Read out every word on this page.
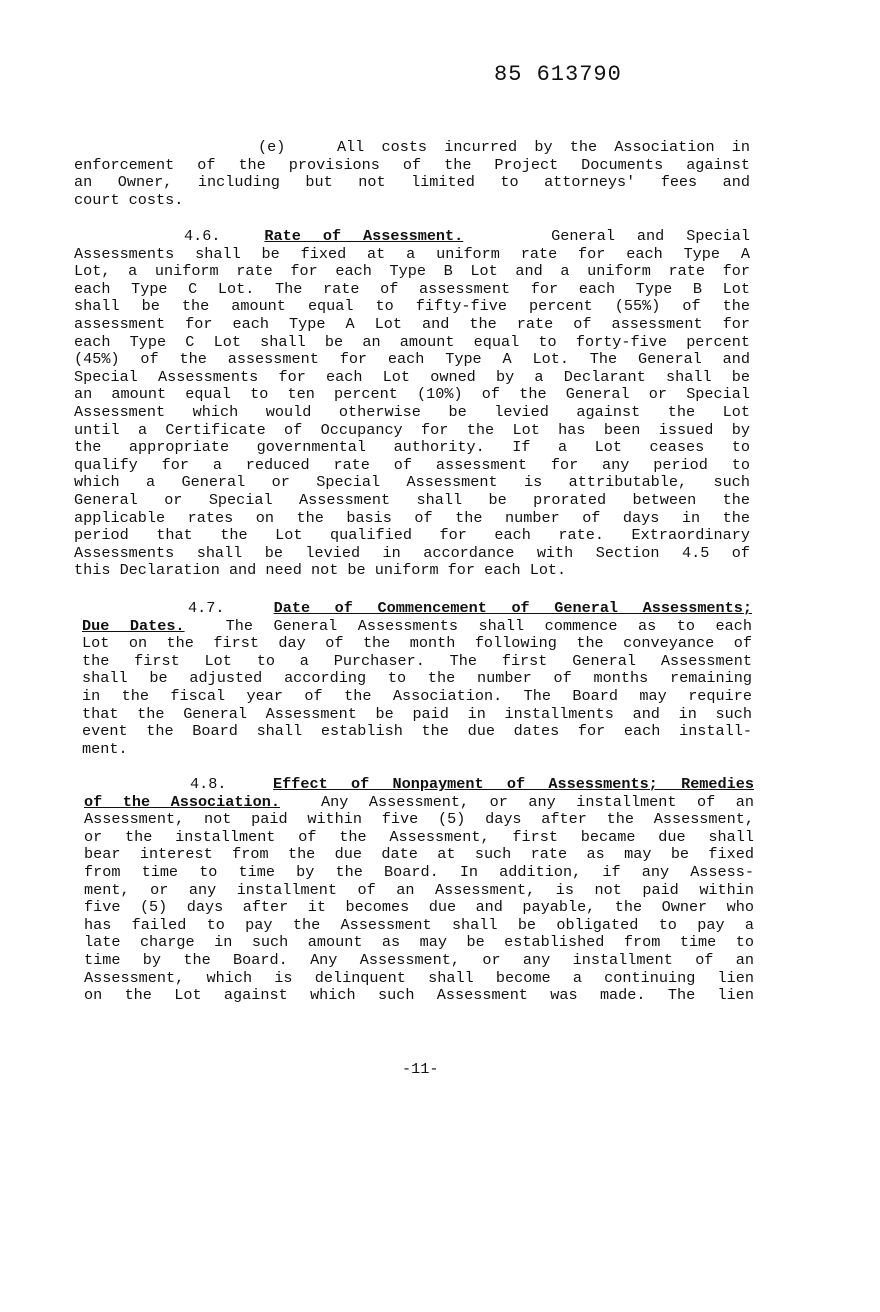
85 613790
(e)	All costs incurred by the Association in
enforcement of the provisions of the Project Documents against
an Owner, including but not limited to attorneys' fees and
court costs.
4.6.	Rate of Assessment.	General and Special
Assessments shall be fixed at a uniform rate for each Type A
Lot, a uniform rate for each Type B Lot and a uniform rate for
each Type C Lot. The rate of assessment for each Type B Lot
shall be the amount equal to fifty-five percent (55%) of the
assessment for each Type A Lot and the rate of assessment for
each Type C Lot shall be an amount equal to forty-five percent
(45%) of the assessment for each Type A Lot. The General and
Special Assessments for each Lot owned by a Declarant shall be
an amount equal to ten percent (10%) of the General or Special
Assessment which would otherwise be levied against the Lot
until a Certificate of Occupancy for the Lot has been issued by
the appropriate governmental authority. If a Lot ceases to
qualify for a reduced rate of assessment for any period to
which a General or Special Assessment is attributable, such
General or Special Assessment shall be prorated between the
applicable rates on the basis of the number of days in the
period that the Lot qualified for each rate. Extraordinary
Assessments shall be levied in accordance with Section 4.5 of
this Declaration and need not be uniform for each Lot.
4.7.	Date of Commencement of General Assessments;
Due Dates.	The General Assessments shall commence as to each
Lot on the first day of the month following the conveyance of
the first Lot to a Purchaser. The first General Assessment
shall be adjusted according to the number of months remaining
in the fiscal year of the Association. The Board may require
that the General Assessment be paid in installments and in such
event the Board shall establish the due dates for each install-
ment.
4.8.	Effect of Nonpayment of Assessments; Remedies
of the Association.	Any Assessment, or any installment of an
Assessment, not paid within five (5) days after the Assessment,
or the installment of the Assessment, first became due shall
bear interest from the due date at such rate as may be fixed
from time to time by the Board. In addition, if any Assess-
ment, or any installment of an Assessment, is not paid within
five (5) days after it becomes due and payable, the Owner who
has failed to pay the Assessment shall be obligated to pay a
late charge in such amount as may be established from time to
time by the Board. Any Assessment, or any installment of an
Assessment, which is delinquent shall become a continuing lien
on the Lot against which such Assessment was made. The lien
-11-
